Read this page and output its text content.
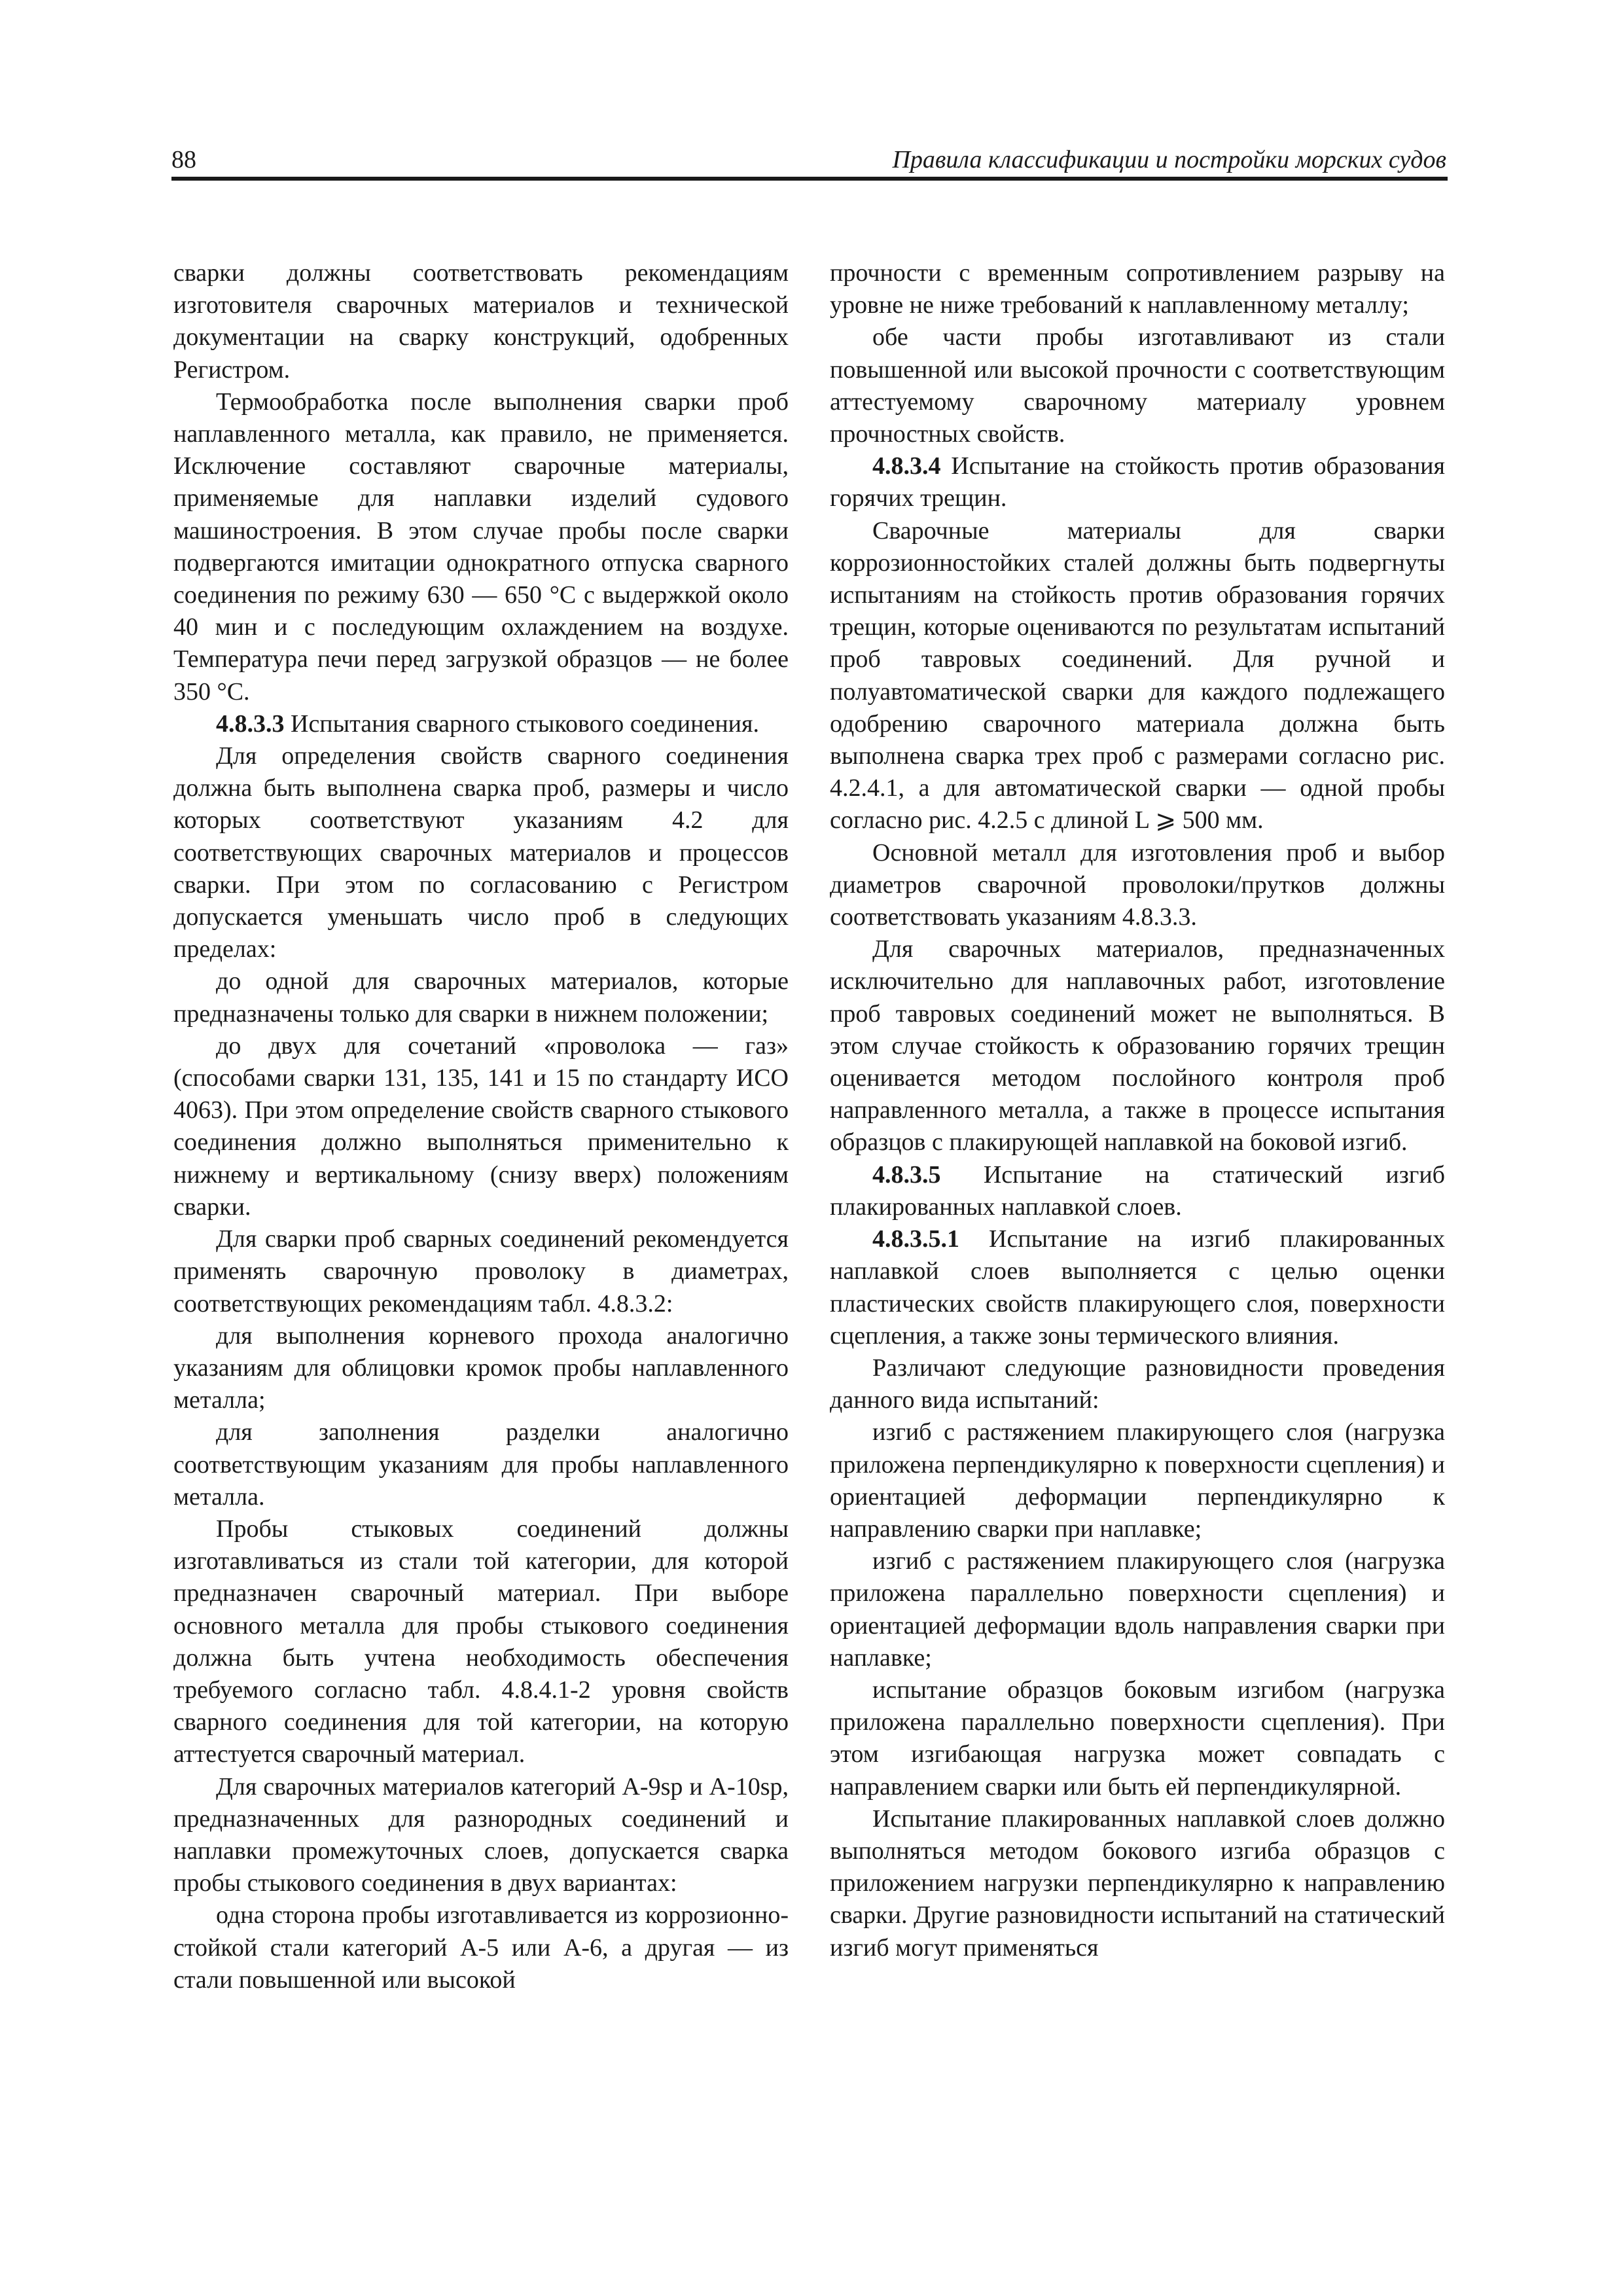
88	Правила классификации и постройки морских судов

сварки должны соответствовать рекомендациям изготовителя сварочных материалов и технической документации на сварку конструкций, одобренных Регистром.

Термообработка после выполнения сварки проб наплавленного металла, как правило, не применяется. Исключение составляют сварочные материалы, применяемые для наплавки изделий судового машиностроения. В этом случае пробы после сварки подвергаются имитации однократного отпуска сварного соединения по режиму 630 — 650 °C с выдержкой около 40 мин и с последующим охлаждением на воздухе. Температура печи перед загрузкой образцов — не более 350 °C.

4.8.3.3 Испытания сварного стыкового соединения.

Для определения свойств сварного соединения должна быть выполнена сварка проб, размеры и число которых соответствуют указаниям 4.2 для соответствующих сварочных материалов и процессов сварки. При этом по согласованию с Регистром допускается уменьшать число проб в следующих пределах:

до одной для сварочных материалов, которые предназначены только для сварки в нижнем положении;

до двух для сочетаний «проволока — газ» (способами сварки 131, 135, 141 и 15 по стандарту ИСО 4063). При этом определение свойств сварного стыкового соединения должно выполняться применительно к нижнему и вертикальному (снизу вверх) положениям сварки.

Для сварки проб сварных соединений рекомендуется применять сварочную проволоку в диаметрах, соответствующих рекомендациям табл. 4.8.3.2:

для выполнения корневого прохода аналогично указаниям для облицовки кромок пробы наплавленного металла;

для заполнения разделки аналогично соответствующим указаниям для пробы наплавленного металла.

Пробы стыковых соединений должны изготавливаться из стали той категории, для которой предназначен сварочный материал. При выборе основного металла для пробы стыкового соединения должна быть учтена необходимость обеспечения требуемого согласно табл. 4.8.4.1-2 уровня свойств сварного соединения для той категории, на которую аттестуется сварочный материал.

Для сварочных материалов категорий A-9sp и A-10sp, предназначенных для разнородных соединений и наплавки промежуточных слоев, допускается сварка пробы стыкового соединения в двух вариантах:

одна сторона пробы изготавливается из коррозионно-стойкой стали категорий A-5 или A-6, а другая — из стали повышенной или высокой

прочности с временным сопротивлением разрыву на уровне не ниже требований к наплавленному металлу;

обе части пробы изготавливают из стали повышенной или высокой прочности с соответствующим аттестуемому сварочному материалу уровнем прочностных свойств.

4.8.3.4 Испытание на стойкость против образования горячих трещин.

Сварочные материалы для сварки коррозионностойких сталей должны быть подвергнуты испытаниям на стойкость против образования горячих трещин, которые оцениваются по результатам испытаний проб тавровых соединений. Для ручной и полуавтоматической сварки для каждого подлежащего одобрению сварочного материала должна быть выполнена сварка трех проб с размерами согласно рис. 4.2.4.1, а для автоматической сварки — одной пробы согласно рис. 4.2.5 с длиной L ⩾ 500 мм.

Основной металл для изготовления проб и выбор диаметров сварочной проволоки/прутков должны соответствовать указаниям 4.8.3.3.

Для сварочных материалов, предназначенных исключительно для наплавочных работ, изготовление проб тавровых соединений может не выполняться. В этом случае стойкость к образованию горячих трещин оценивается методом послойного контроля проб направленного металла, а также в процессе испытания образцов с плакирующей наплавкой на боковой изгиб.

4.8.3.5 Испытание на статический изгиб плакированных наплавкой слоев.

4.8.3.5.1 Испытание на изгиб плакированных наплавкой слоев выполняется с целью оценки пластических свойств плакирующего слоя, поверхности сцепления, а также зоны термического влияния.

Различают следующие разновидности проведения данного вида испытаний:

изгиб с растяжением плакирующего слоя (нагрузка приложена перпендикулярно к поверхности сцепления) и ориентацией деформации перпендикулярно к направлению сварки при наплавке;

изгиб с растяжением плакирующего слоя (нагрузка приложена параллельно поверхности сцепления) и ориентацией деформации вдоль направления сварки при наплавке;

испытание образцов боковым изгибом (нагрузка приложена параллельно поверхности сцепления). При этом изгибающая нагрузка может совпадать с направлением сварки или быть ей перпендикулярной.

Испытание плакированных наплавкой слоев должно выполняться методом бокового изгиба образцов с приложением нагрузки перпендикулярно к направлению сварки. Другие разновидности испытаний на статический изгиб могут применяться
